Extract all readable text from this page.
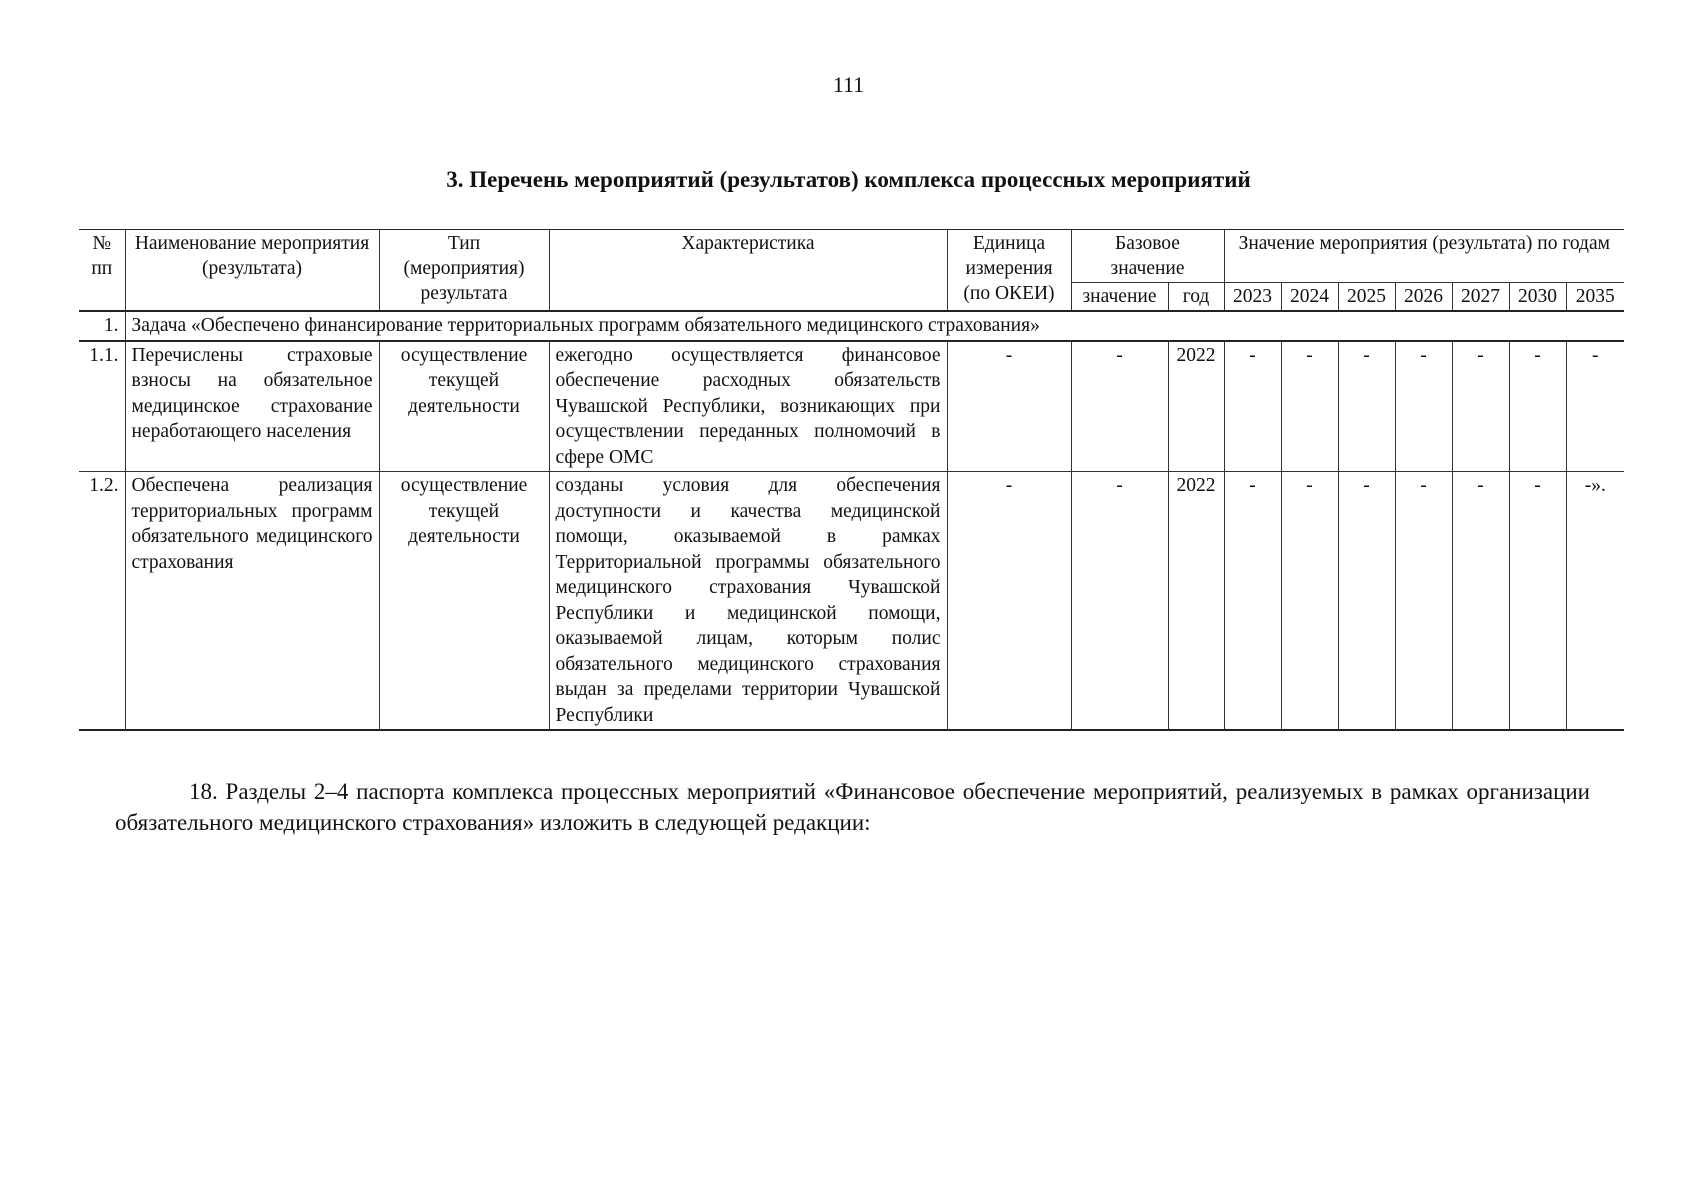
111
3. Перечень мероприятий (результатов) комплекса процессных мероприятий
№ пп	Наименование мероприятия (результата)	Тип (мероприятия) результата	Характеристика	Единица измерения (по ОКЕИ)	Базовое значение		Значение мероприятия (результата) по годам						
					значение	год	2023	2024	2025	2026	2027	2030	2035
1.	Задача «Обеспечено финансирование территориальных программ обязательного медицинского страхования»												
1.1.	Перечислены страховые взносы на обязательное медицинское страхование неработающего населения	осуществление текущей деятельности	ежегодно осуществляется финансовое обеспечение расходных обязательств Чувашской Республики, возникающих при осуществлении переданных полномочий в сфере ОМС	-	-	2022	-	-	-	-	-	-	-
1.2.	Обеспечена реализация территориальных программ обязательного медицинского страхования	осуществление текущей деятельности	созданы условия для обеспечения доступности и качества медицинской помощи, оказываемой в рамках Территориальной программы обязательного медицинского страхования Чувашской Республики и медицинской помощи, оказываемой лицам, которым полис обязательного медицинского страхования выдан за пределами территории Чувашской Республики	-	-	2022	-	-	-	-	-	-	-».
18. Разделы 2–4 паспорта комплекса процессных мероприятий «Финансовое обеспечение мероприятий, реализуемых в рамках организации обязательного медицинского страхования» изложить в следующей редакции:
